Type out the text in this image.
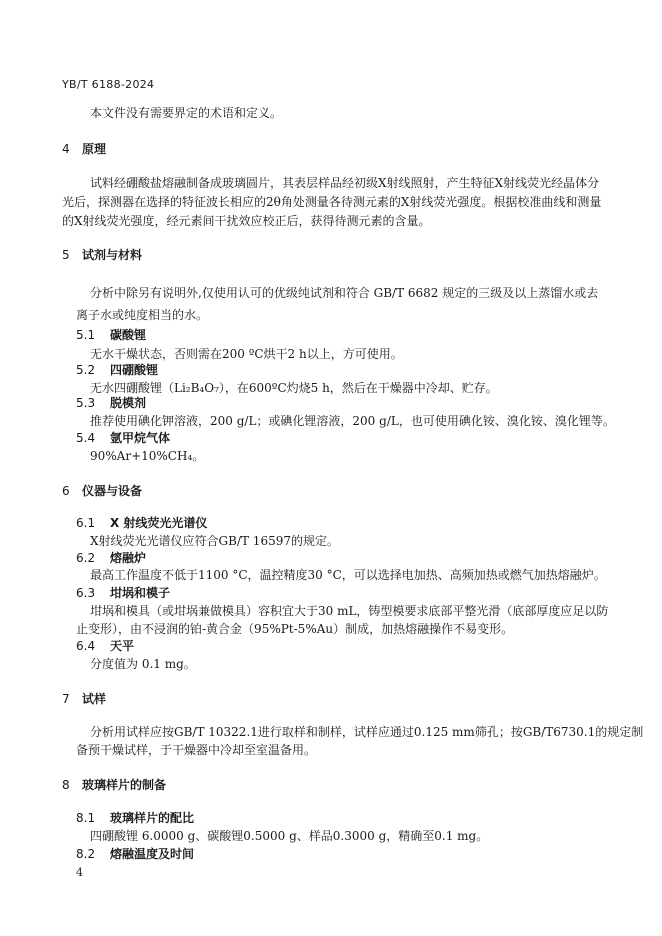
YB/T 6188-2024
本文件没有需要界定的术语和定义。
4 原理
试料经硼酸盐熔融制备成玻璃圆片，其表层样品经初级X射线照射，产生特征X射线荧光经晶体分
光后，探测器在选择的特征波长相应的2θ角处测量各待测元素的X射线荧光强度。根据校准曲线和测量
的X射线荧光强度，经元素间干扰效应校正后，获得待测元素的含量。
5 试剂与材料
分析中除另有说明外,仅使用认可的优级纯试剂和符合 GB/T 6682 规定的三级及以上蒸馏水或去
离子水或纯度相当的水。
5.1 碳酸锂
无水干燥状态，否则需在200 ºC烘干2 h以上，方可使用。
5.2 四硼酸锂
无水四硼酸锂（Li₂B₄O₇），在600ºC灼烧5 h，然后在干燥器中冷却、贮存。
5.3 脱模剂
推荐使用碘化钾溶液，200 g/L；或碘化锂溶液，200 g/L，也可使用碘化铵、溴化铵、溴化锂等。
5.4 氩甲烷气体
90%Ar+10%CH₄。
6 仪器与设备
6.1 X 射线荧光光谱仪
X射线荧光光谱仪应符合GB/T 16597的规定。
6.2 熔融炉
最高工作温度不低于1100 °C，温控精度30 °C，可以选择电加热、高频加热或燃气加热熔融炉。
6.3 坩埚和模子
坩埚和模具（或坩埚兼做模具）容积宜大于30 mL，铸型模要求底部平整光滑（底部厚度应足以防
止变形），由不浸润的铂-黄合金（95%Pt-5%Au）制成，加热熔融操作不易变形。
6.4 天平
分度值为 0.1 mg。
7 试样
分析用试样应按GB/T 10322.1进行取样和制样，试样应通过0.125 mm筛孔；按GB/T6730.1的规定制
备预干燥试样，于干燥器中冷却至室温备用。
8 玻璃样片的制备
8.1 玻璃样片的配比
四硼酸锂 6.0000 g、碳酸锂0.5000 g、样品0.3000 g，精确至0.1 mg。
8.2 熔融温度及时间
4
